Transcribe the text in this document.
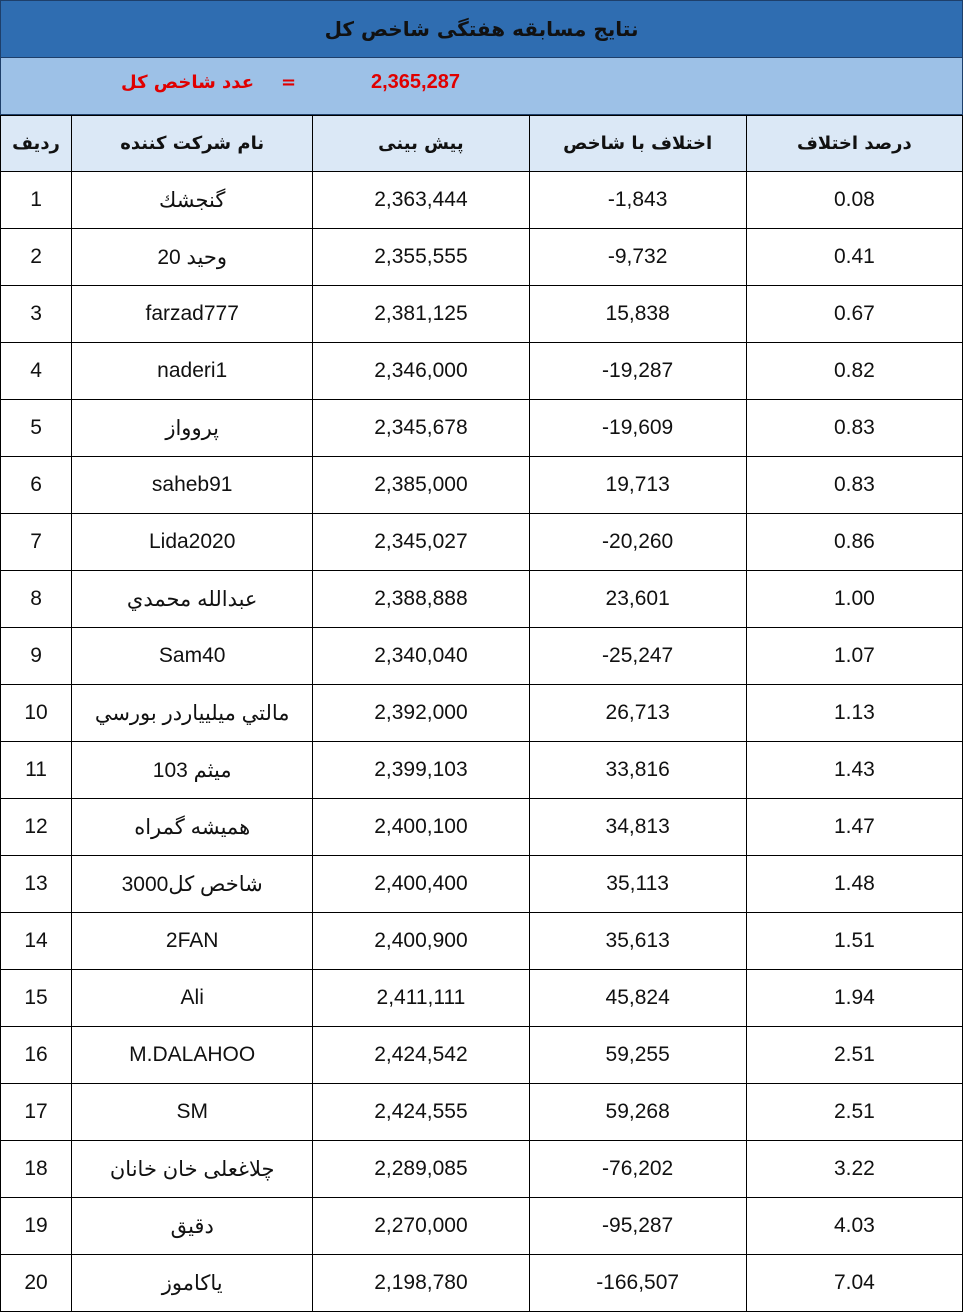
نتایج مسابقه هفتگی شاخص کل
عدد شاخص کل =	2,365,287
ردیف	نام شرکت کننده	پیش بینی	اختلاف با شاخص	درصد اختلاف
1	گنجشك	2,363,444	-1,843	0.08
2	وحيد 20	2,355,555	-9,732	0.41
3	farzad777	2,381,125	15,838	0.67
4	naderi1	2,346,000	-19,287	0.82
5	پروواز	2,345,678	-19,609	0.83
6	saheb91	2,385,000	19,713	0.83
7	Lida2020	2,345,027	-20,260	0.86
8	عبدالله محمدي	2,388,888	23,601	1.00
9	Sam40	2,340,040	-25,247	1.07
10	مالتي ميليياردر بورسي	2,392,000	26,713	1.13
11	ميثم 103	2,399,103	33,816	1.43
12	هميشه گمراه	2,400,100	34,813	1.47
13	شاخص كل3000	2,400,400	35,113	1.48
14	2FAN	2,400,900	35,613	1.51
15	Ali	2,411,111	45,824	1.94
16	M.DALAHOO	2,424,542	59,255	2.51
17	SM	2,424,555	59,268	2.51
18	چلاغعلی خان خانان	2,289,085	-76,202	3.22
19	دقيق	2,270,000	-95,287	4.03
20	ياكاموز	2,198,780	-166,507	7.04
